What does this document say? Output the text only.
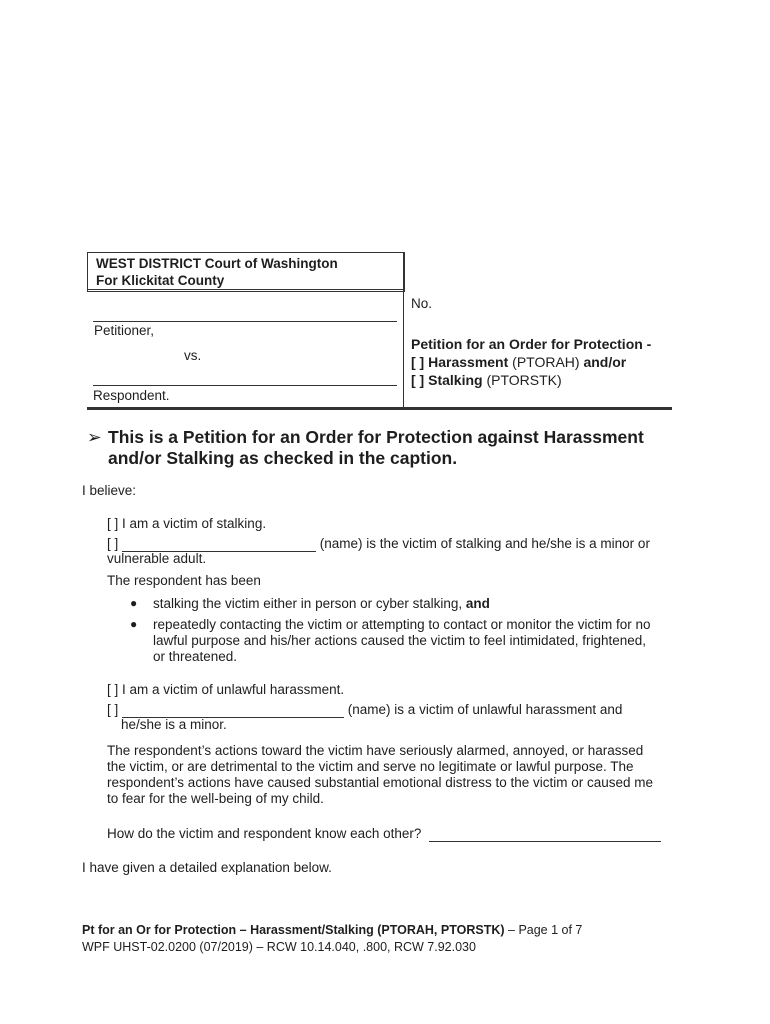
WEST DISTRICT Court of Washington
For Klickitat County
No.
Petitioner,
vs.
Respondent.
Petition for an Order for Protection -
[ ] Harassment (PTORAH) and/or
[ ] Stalking (PTORSTK)
➢ This is a Petition for an Order for Protection against Harassment
and/or Stalking as checked in the caption.
I believe:
[ ] I am a victim of stalking.
[ ]	(name) is the victim of stalking and he/she is a minor or
vulnerable adult.
The respondent has been
● stalking the victim either in person or cyber stalking, and
● repeatedly contacting the victim or attempting to contact or monitor the victim for no
lawful purpose and his/her actions caused the victim to feel intimidated, frightened,
or threatened.
[ ] I am a victim of unlawful harassment.
[ ]	(name) is a victim of unlawful harassment and
he/she is a minor.
The respondent’s actions toward the victim have seriously alarmed, annoyed, or harassed
the victim, or are detrimental to the victim and serve no legitimate or lawful purpose. The
respondent’s actions have caused substantial emotional distress to the victim or caused me
to fear for the well-being of my child.
How do the victim and respondent know each other?
I have given a detailed explanation below.
Pt for an Or for Protection – Harassment/Stalking (PTORAH, PTORSTK) – Page 1 of 7
WPF UHST-02.0200 (07/2019) – RCW 10.14.040, .800, RCW 7.92.030
